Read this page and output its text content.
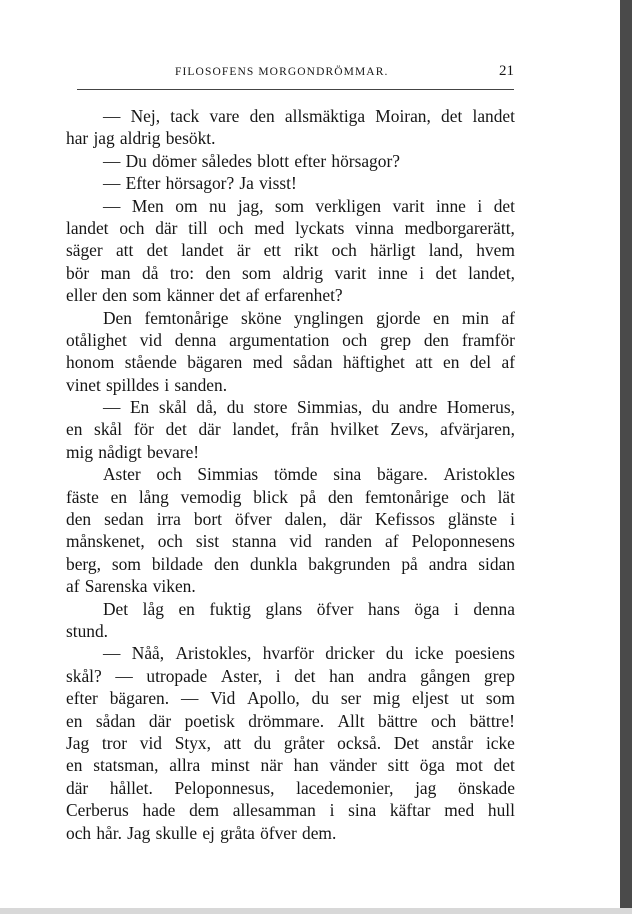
FILOSOFENS MORGONDRÖMMAR.	21
— Nej, tack vare den allsmäktiga Moiran, det landet
har jag aldrig besökt.
— Du dömer således blott efter hörsagor?
— Efter hörsagor? Ja visst!
— Men om nu jag, som verkligen varit inne i det
landet och där till och med lyckats vinna medborgarerätt,
säger att det landet är ett rikt och härligt land, hvem
bör man då tro: den som aldrig varit inne i det landet,
eller den som känner det af erfarenhet?
Den femtonårige sköne ynglingen gjorde en min af
otålighet vid denna argumentation och grep den framför
honom stående bägaren med sådan häftighet att en del af
vinet spilldes i sanden.
— En skål då, du store Simmias, du andre Homerus,
en skål för det där landet, från hvilket Zevs, afvärjaren,
mig nådigt bevare!
Aster och Simmias tömde sina bägare. Aristokles
fäste en lång vemodig blick på den femtonårige och lät
den sedan irra bort öfver dalen, där Kefissos glänste i
månskenet, och sist stanna vid randen af Peloponnesens
berg, som bildade den dunkla bakgrunden på andra sidan
af Sarenska viken.
Det låg en fuktig glans öfver hans öga i denna
stund.
— Nåå, Aristokles, hvarför dricker du icke poesiens
skål? — utropade Aster, i det han andra gången grep
efter bägaren. — Vid Apollo, du ser mig eljest ut som
en sådan där poetisk drömmare. Allt bättre och bättre!
Jag tror vid Styx, att du gråter också. Det anstår icke
en statsman, allra minst när han vänder sitt öga mot det
där hållet. Peloponnesus, lacedemonier, jag önskade
Cerberus hade dem allesamman i sina käftar med hull
och hår. Jag skulle ej gråta öfver dem.
